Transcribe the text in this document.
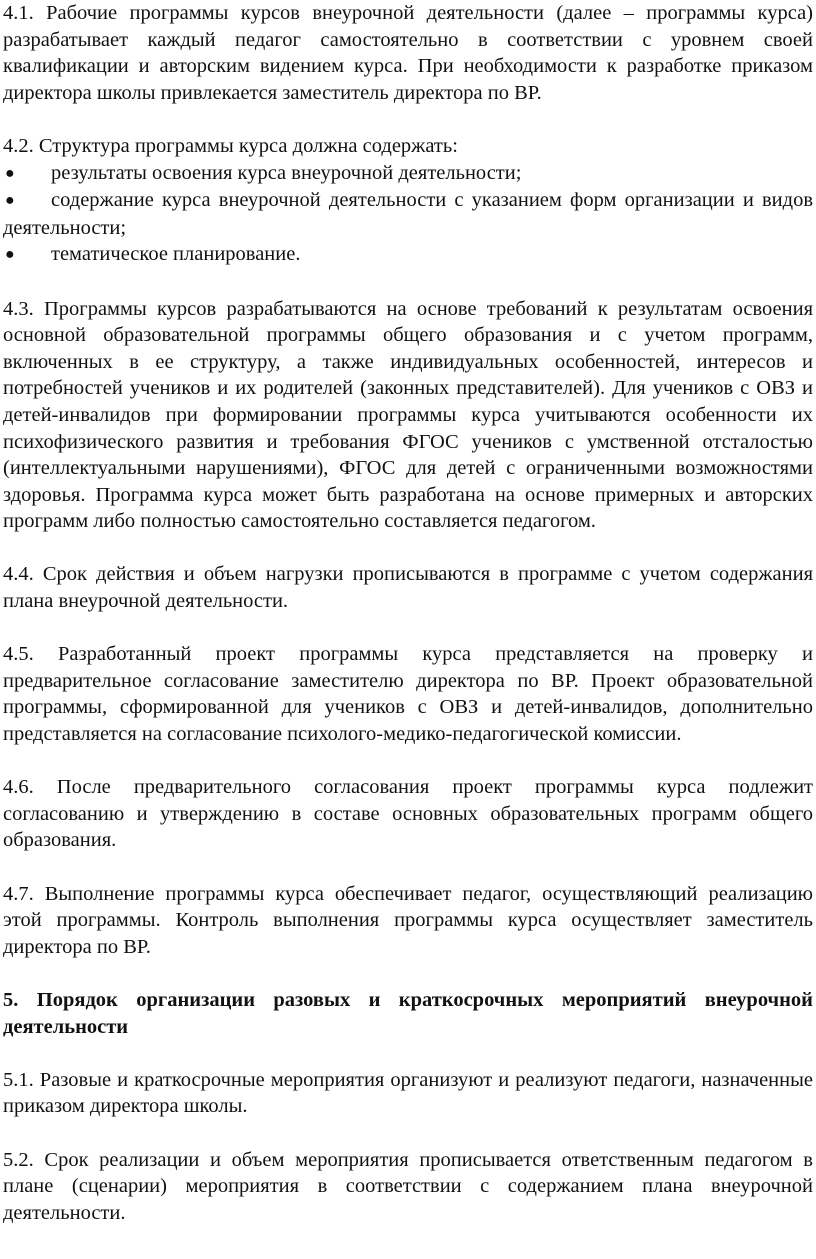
4.1. Рабочие программы курсов внеурочной деятельности (далее – программы курса) разрабатывает каждый педагог самостоятельно в соответствии с уровнем своей квалификации и авторским видением курса. При необходимости к разработке приказом директора школы привлекается заместитель директора по ВР.

4.2. Структура программы курса должна содержать:
● результаты освоения курса внеурочной деятельности;
● содержание курса внеурочной деятельности с указанием форм организации и видов деятельности;
● тематическое планирование.

4.3. Программы курсов разрабатываются на основе требований к результатам освоения основной образовательной программы общего образования и с учетом программ, включенных в ее структуру, а также индивидуальных особенностей, интересов и потребностей учеников и их родителей (законных представителей). Для учеников с ОВЗ и детей-инвалидов при формировании программы курса учитываются особенности их психофизического развития и требования ФГОС учеников с умственной отсталостью (интеллектуальными нарушениями), ФГОС для детей с ограниченными возможностями здоровья. Программа курса может быть разработана на основе примерных и авторских программ либо полностью самостоятельно составляется педагогом.

4.4. Срок действия и объем нагрузки прописываются в программе с учетом содержания плана внеурочной деятельности.

4.5. Разработанный проект программы курса представляется на проверку и предварительное согласование заместителю директора по ВР. Проект образовательной программы, сформированной для учеников с ОВЗ и детей-инвалидов, дополнительно представляется на согласование психолого-медико-педагогической комиссии.

4.6. После предварительного согласования проект программы курса подлежит согласованию и утверждению в составе основных образовательных программ общего образования.

4.7. Выполнение программы курса обеспечивает педагог, осуществляющий реализацию этой программы. Контроль выполнения программы курса осуществляет заместитель директора по ВР.

5. Порядок организации разовых и краткосрочных мероприятий внеурочной деятельности

5.1. Разовые и краткосрочные мероприятия организуют и реализуют педагоги, назначенные приказом директора школы.

5.2. Срок реализации и объем мероприятия прописывается ответственным педагогом в плане (сценарии) мероприятия в соответствии с содержанием плана внеурочной деятельности.
